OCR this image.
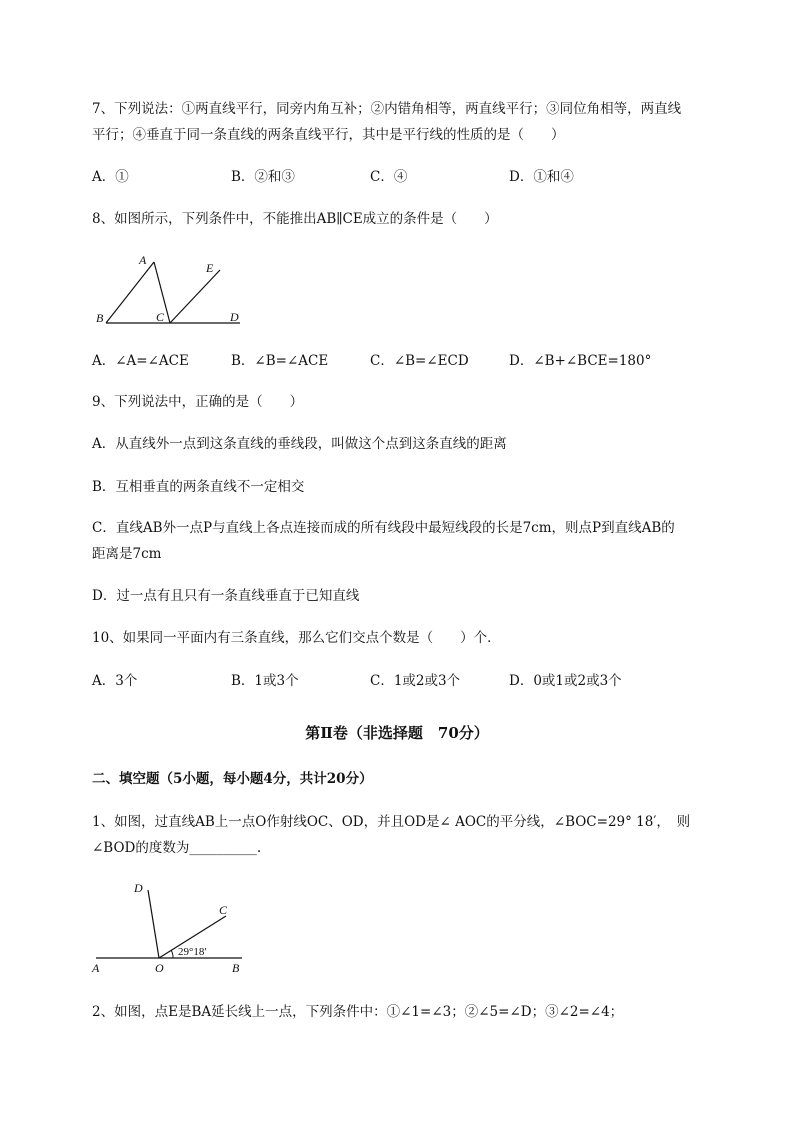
7、下列说法：①两直线平行，同旁内角互补；②内错角相等，两直线平行；③同位角相等，两直线
平行；④垂直于同一条直线的两条直线平行，其中是平行线的性质的是（　　）
A．①	B．②和③	C．④	D．①和④
8、如图所示，下列条件中，不能推出AB∥CE成立的条件是（　　）
A
E
B	C	D
A．∠A=∠ACE	B．∠B=∠ACE	C．∠B=∠ECD	D．∠B+∠BCE=180°
9、下列说法中，正确的是（　　）
A．从直线外一点到这条直线的垂线段，叫做这个点到这条直线的距离
B．互相垂直的两条直线不一定相交
C．直线AB外一点P与直线上各点连接而成的所有线段中最短线段的长是7cm，则点P到直线AB的
距离是7cm
D．过一点有且只有一条直线垂直于已知直线
10、如果同一平面内有三条直线，那么它们交点个数是（　　）个．
A．3个	B．1或3个	C．1或2或3个	D．0或1或2或3个
第Ⅱ卷（非选择题　70分）
二、填空题（5小题，每小题4分，共计20分）
1、如图，过直线AB上一点O作射线OC、OD，并且OD是∠ AOC的平分线，∠BOC=29° 18′，　则
∠BOD的度数为__________.
D
C
A	O	B
29°18′
2、如图，点E是BA延长线上一点，下列条件中：①∠1=∠3；②∠5=∠D；③∠2=∠4；
